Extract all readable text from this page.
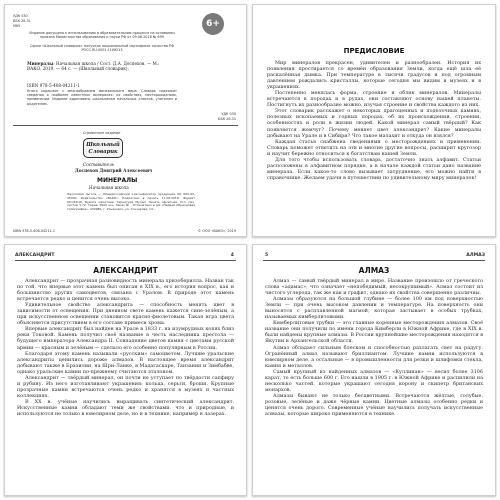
УДК 030
ББК 28.31
М65	6+
Издание допущено к использованию в образовательном процессе на основании приказа Министерства образования и науки РФ от 09.06.2016 № 699
Серия «Школьный словарик» получила национальный сертификат качества РФ РОСС RU.0001.11ИЮ13
Минералы: Начальная школа / Сост. Д.А. Доспехов. — М.: ВАКО, 2019. — 64 с. — (Школьный словарик).
ISBN 978-5-408-04211-1
Книга содержит с многообразием минерального мира. Словарь содержит сведения о наиболее известных минералах: их свойствах, месторождениях, применении. Издание адресовано школьникам начальных классов, учителям и родителям.
УДК 030
ББК 26.31
Справочное издание
Школьный
Словарик
Составитель
Доспехов Дмитрий Алексеевич
МИНЕРАЛЫ
Начальная школа
Налоговая льгота — Общероссийский классификатор продукции ОК 005-93-95000. Издательство «ВАКО». Подписано в печать 17.08.2018. Формат 60×84/16. Бумага офсетная. Гарнитура Myriad. Печать офсетная. Усл. печ. листов 3,72. Тираж 5000 экз. Заказ № . Отпечатано в АО «Первая Образцовая типография». 432980, г. Ульяновск, ул. Гончарова, 14.
ISBN 978-5-408-04211-1	© ООО «ВАКО», 2019
ПРЕДИСЛОВИЕ

Мир минералов прекрасен, удивителен и разнообразен. История их появления простирается со времён образования Земли, когда ещё шла её раскалённая дымка. При температуре в тысячи градусов и под огромным давлением рождались кристаллы, которые сегодня мы видим в музеях и в украшениях.

Постепенно менялась форма, строение и облик минералов. Минералы встречаются в породах и в рудах, они составляют основу нашей планеты. Постигнуть их разнообразие можно, изучая строение и свойства каждого из них.

Этот словарик расскажет о некоторых драгоценных и поделочных камнях, полезных ископаемых и горных породах, об их происхождении, строении, особенностях и роли в жизни людей. Какой минерал самый твёрдый? Как появляется жемчуг? Почему меняет цвет александрит? Какие минералы добывают на Урале и в Сибири? Что такое малахит и откуда он взялся?

Каждая статья снабжена сведениями о месторождениях и применении. Словарь поможет ответить на эти и многие другие вопросы, расширит кругозор и научит бережно относиться к богатствам нашей Земли.

Для того чтобы использовать словарь, достаточно знать алфавит. Статьи расположены в алфавитном порядке, а в начале каждой статьи дано название минерала. Если какое-то слово вызывает затруднение, его можно найти в справочнике. Желаем удачи в путешествии по удивительному миру минералов!

АЛЕКСАНДРИТ	4
АЛЕКСАНДРИТ

Александрит — прозрачная разновидность минерала хризоберилла. Назван так по той, что впервые этот камень был описан в XIX в., его история вопрос, как и большинство других самоцветов, связана с Уралом. В природе этот камень встречается редко и ценится очень высоко.

Удивительное свойство александрита — способность менять цвет в зависимости от освещения. При дневном свете камень кажется сине-зелёным, а при искусственном освещении становится красно-фиолетовым. Такая игра цвета объясняется присутствием в его составе примеси хрома.

Впервые александрит был найден на Урале в 1833 г. на изумрудных копях близ реки Токовой. Камень получил своё название в честь наследника престола — будущего императора Александра II. Совпадение цветов камня с цветами русской армии — красным и зелёным — сделало его особенно популярным в России.

Благодаря этому камень называли «русским» самоцветом. Лучшие уральские александриты ценились дороже алмазов. В настоящее время александрит добывают также в Бразилии, на Шри-Ланке, в Мадагаскаре, Танзании и Зимбабве, однако уральские камни по-прежнему считаются эталоном.

Александрит — твёрдый минерал, он почти не уступает по твёрдости сапфиру и рубину. Из него изготавливают украшения: кольца, серьги, броши. Крупные прозрачные камни встречаются очень редко и хранятся в музеях и частных коллекциях.

В XX в. учёные научились выращивать синтетический александрит. Искусственные камни обладают теми же свойствами, что и природные, и используются не только в ювелирном деле, но и в технике, например в лазерах.

5	АЛМАЗ
АЛМАЗ

Алмаз — самый твёрдый минерал в мире. Название произошло от греческого слова «адамас», что означает «непобедимый, несокрушимый». Алмаз состоит из чистого углерода, так же как и графит, однако их свойства совершенно различны.

Алмазы образуются на большой глубине — более 100 км под поверхностью Земли — при очень высоком давлении и температуре. На поверхность они выносятся с расплавленной магмой, которая застывает в особых трубках, называемых кимберлитовыми.

Кимберлитовые трубки — это главные коренные месторождения алмазов. Своё название они получили по имени города Кимберли в Южной Африке, где в XIX в. были найдены крупные алмазы. В России крупнейшие месторождения находятся в Якутии и Архангельской области.

Алмаз обладает сильным блеском и способностью разлагать свет на радугу. Огранённый алмаз называют бриллиантом. Лучшие камни используются в ювелирном деле, а остальные — в промышленности для резки и шлифовки стекла, камня и металлов.

Самый крупный из найденных алмазов — «Куллинан» — весил более 3106 карат, то есть больше 600 г. Его нашли в 1905 г. в Южной Африке и распилили на несколько частей, которые украшают сегодня корону и скипетр британских монархов.

Алмазы бывают не только бесцветными. Встречаются жёлтые, голубые, розовые, зелёные и даже чёрные камни. Цветные алмазы особенно редки и ценятся очень дорого. Современные учёные научились получать искусственные алмазы, которые широко применяются в технике.
